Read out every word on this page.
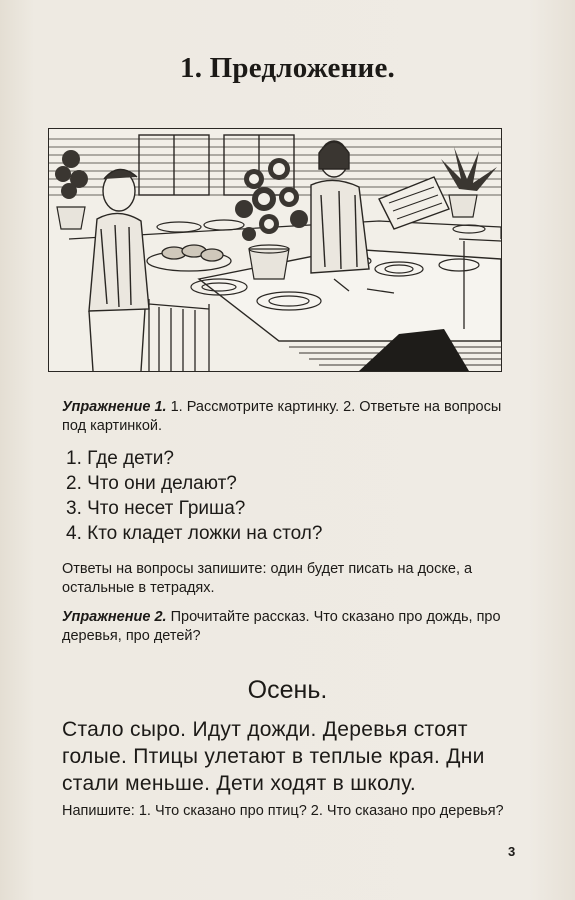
1. Предложение.
Упражнение 1. 1. Рассмотрите картинку. 2. Ответьте на вопросы под картинкой.
1. Где дети?
2. Что они делают?
3. Что несет Гриша?
4. Кто кладет ложки на стол?
Ответы на вопросы запишите: один будет писать на доске, а остальные в тетрадях.
Упражнение 2. Прочитайте рассказ. Что сказано про дождь, про деревья, про детей?
Осень.
Стало сыро. Идут дожди. Деревья стоят
голые. Птицы улетают в теплые края. Дни
стали меньше. Дети ходят в школу.
Напишите: 1. Что сказано про птиц? 2. Что сказано про деревья?
3
